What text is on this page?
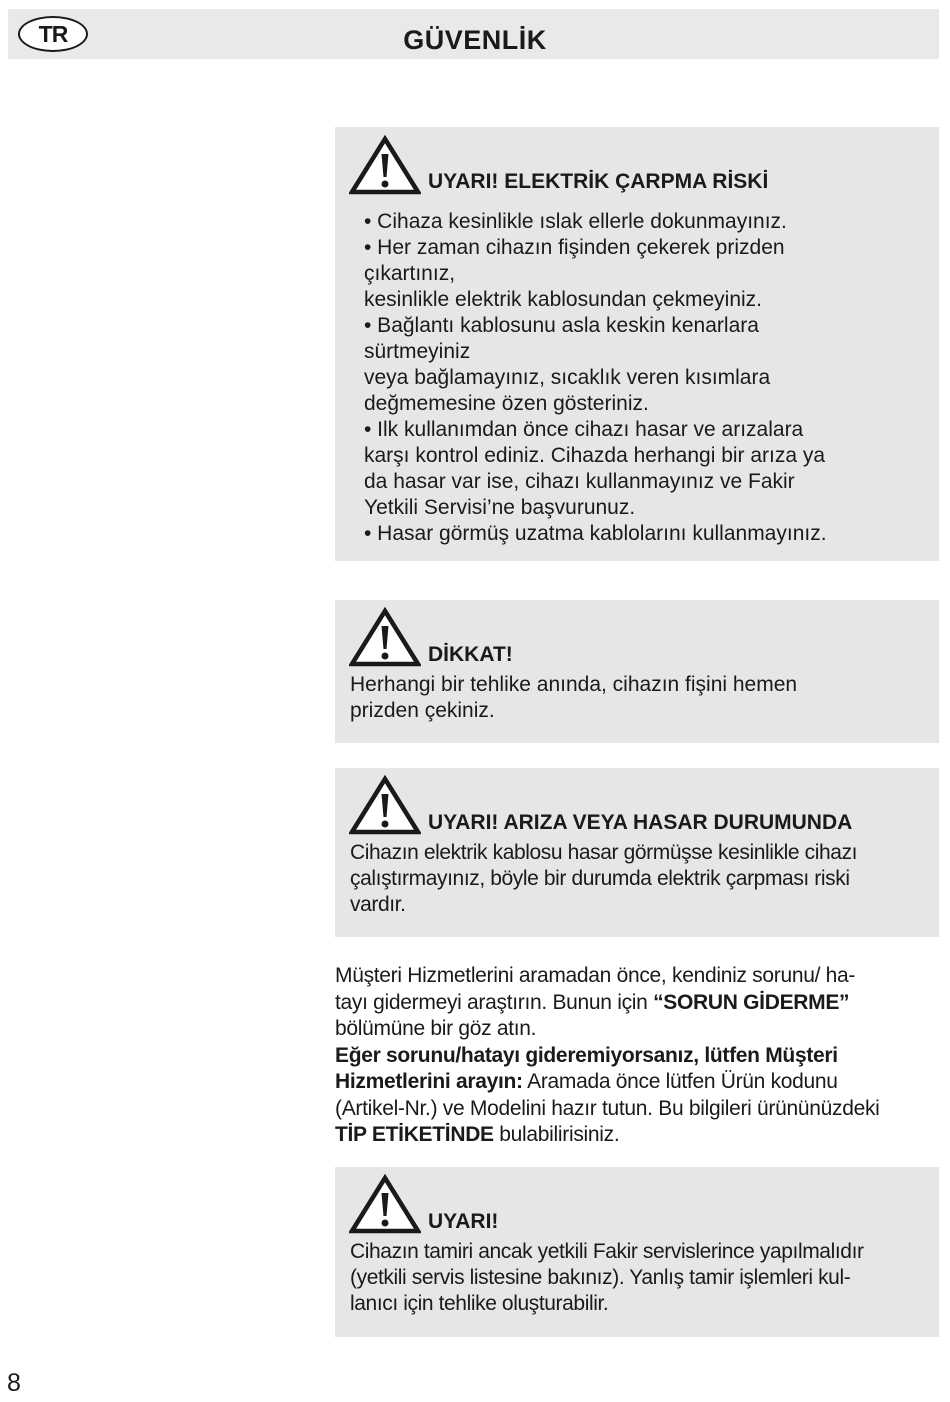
TR	GÜVENLİK
UYARI! ELEKTRİK ÇARPMA RİSKİ
• Cihaza kesinlikle ıslak ellerle dokunmayınız.
• Her zaman cihazın fişinden çekerek prizden
çıkartınız,
kesinlikle elektrik kablosundan çekmeyiniz.
• Bağlantı kablosunu asla keskin kenarlara
sürtmeyiniz
veya bağlamayınız, sıcaklık veren kısımlara
değmemesine özen gösteriniz.
• Ilk kullanımdan önce cihazı hasar ve arızalara
karşı kontrol ediniz. Cihazda herhangi bir arıza ya
da hasar var ise, cihazı kullanmayınız ve Fakir
Yetkili Servisi’ne başvurunuz.
• Hasar görmüş uzatma kablolarını kullanmayınız.
DİKKAT!
Herhangi bir tehlike anında, cihazın fişini hemen
prizden çekiniz.
UYARI! ARIZA VEYA HASAR DURUMUNDA
Cihazın elektrik kablosu hasar görmüşse kesinlikle cihazı
çalıştırmayınız, böyle bir durumda elektrik çarpması riski
vardır.
Müşteri Hizmetlerini aramadan önce, kendiniz sorunu/ ha-
tayı gidermeyi araştırın. Bunun için “SORUN GİDERME”
bölümüne bir göz atın.
Eğer sorunu/hatayı gideremiyorsanız, lütfen Müşteri
Hizmetlerini arayın: Aramada önce lütfen Ürün kodunu
(Artikel-Nr.) ve Modelini hazır tutun. Bu bilgileri ürününüzdeki
TİP ETİKETİNDE bulabilirisiniz.
UYARI!
Cihazın tamiri ancak yetkili Fakir servislerince yapılmalıdır
(yetkili servis listesine bakınız). Yanlış tamir işlemleri kul-
lanıcı için tehlike oluşturabilir.
8
